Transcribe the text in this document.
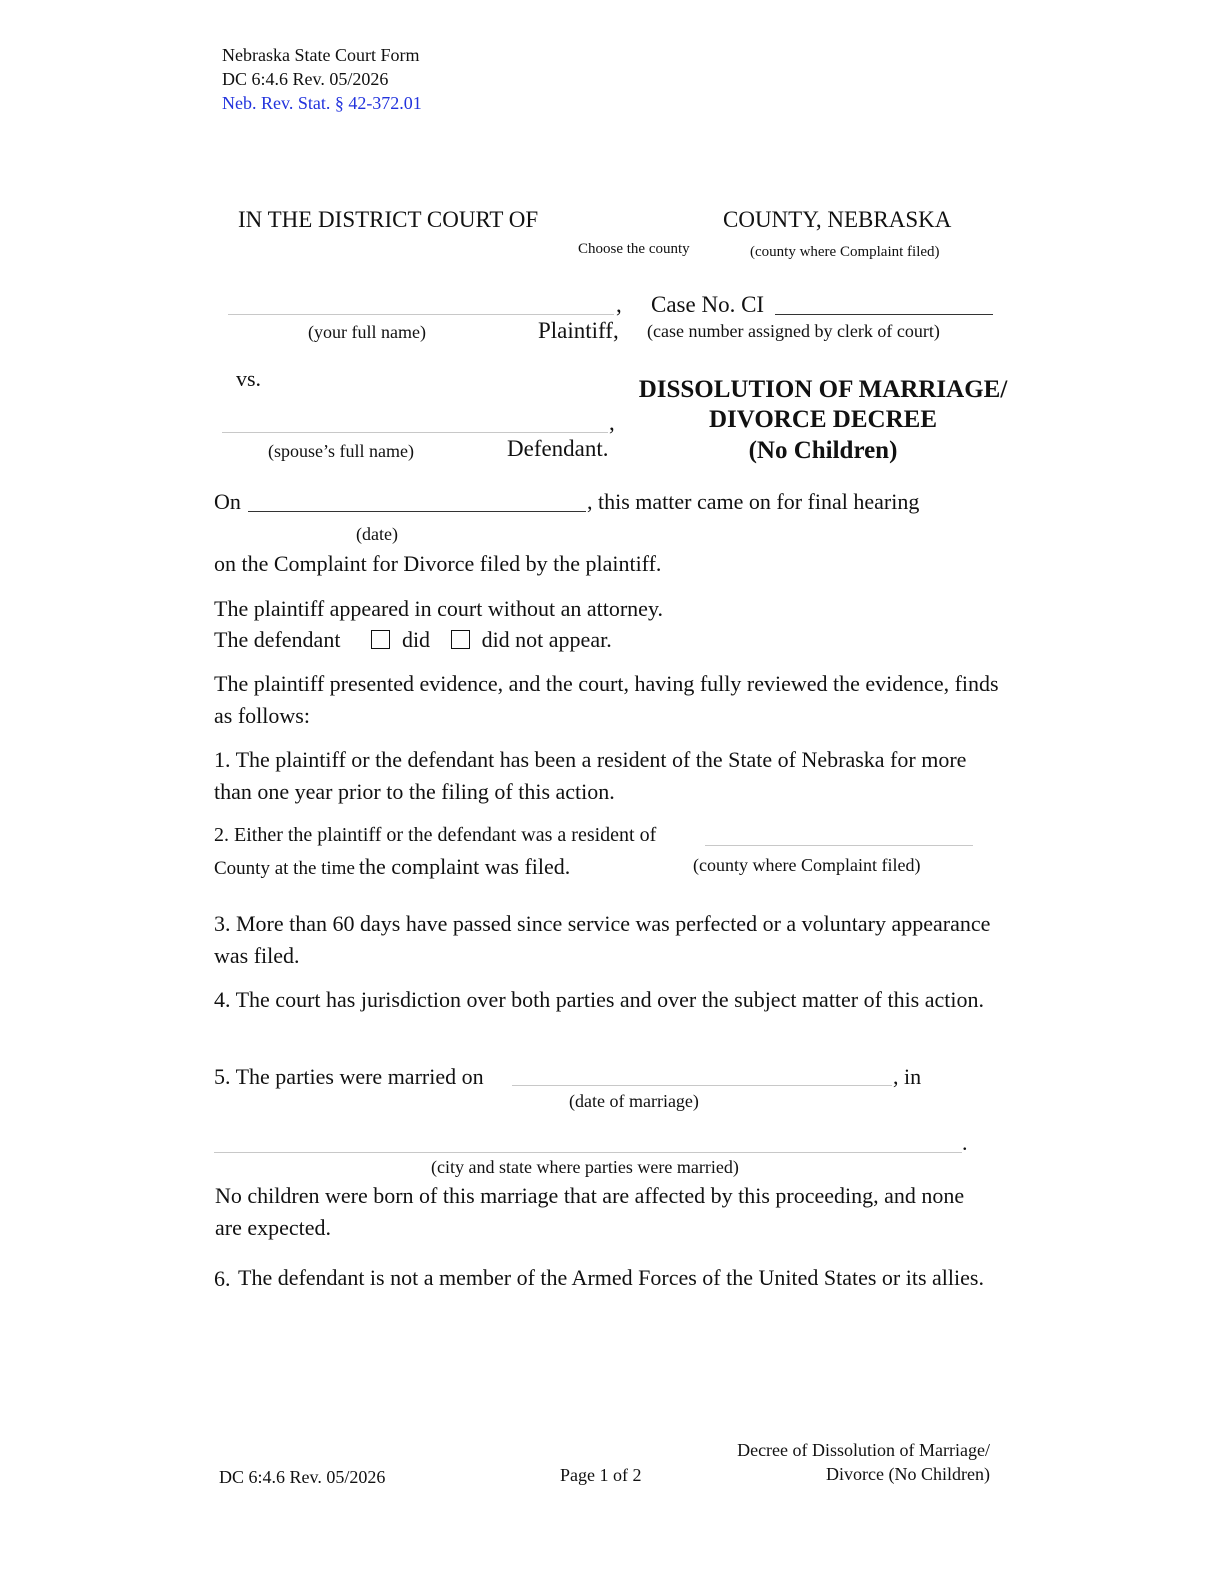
Nebraska State Court Form
DC 6:4.6 Rev. 05/2026
Neb. Rev. Stat. § 42-372.01
IN THE DISTRICT COURT OF
Choose the county
COUNTY, NEBRASKA
(county where Complaint filed)
,
(your full name)	Plaintiff,
Case No. CI
(case number assigned by clerk of court)
vs.
,
(spouse’s full name)	Defendant.
DISSOLUTION OF MARRIAGE/
DIVORCE DECREE
(No Children)
On	, this matter came on for final hearing
(date)
on the Complaint for Divorce filed by the plaintiff.
The plaintiff appeared in court without an attorney.
The defendant	did did not appear.
The plaintiff presented evidence, and the court, having fully reviewed the evidence, finds as follows:
1. The plaintiff or the defendant has been a resident of the State of Nebraska for more than one year prior to the filing of this action.
2. Either the plaintiff or the defendant was a resident of
County at the time the complaint was filed.	(county where Complaint filed)
3. More than 60 days have passed since service was perfected or a voluntary appearance was filed.
4. The court has jurisdiction over both parties and over the subject matter of this action.
5. The parties were married on	, in
(date of marriage)
.
(city and state where parties were married)
No children were born of this marriage that are affected by this proceeding, and none are expected.
6. The defendant is not a member of the Armed Forces of the United States or its allies.
DC 6:4.6 Rev. 05/2026	Page 1 of 2
Decree of Dissolution of Marriage/
Divorce (No Children)
